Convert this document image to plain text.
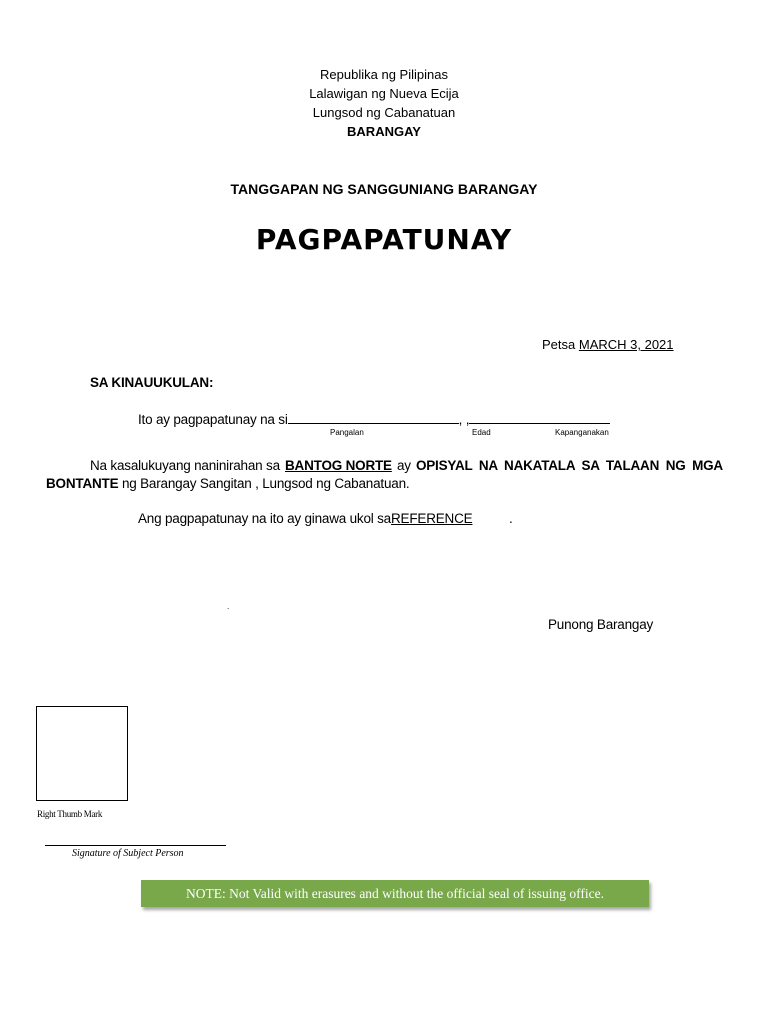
Republika ng Pilipinas
Lalawigan ng Nueva Ecija
Lungsod ng Cabanatuan
BARANGAY
TANGGAPAN NG SANGGUNIANG BARANGAY
PAGPAPATUNAY
Petsa MARCH 3, 2021
SA KINAUUKULAN:
Ito ay pagpapatunay na si	, ,
Pangalan	Edad	Kapanganakan
Na kasalukuyang naninirahan sa BANTOG NORTE ay OPISYAL NA NAKATALA SA TALAAN NG MGA
BONTANTE ng Barangay Sangitan , Lungsod ng Cabanatuan.
Ang pagpapatunay na ito ay ginawa ukol saREFERENCE	.
.
Punong Barangay
Right Thumb Mark
Signature of Subject Person
NOTE: Not Valid with erasures and without the official seal of issuing office.
